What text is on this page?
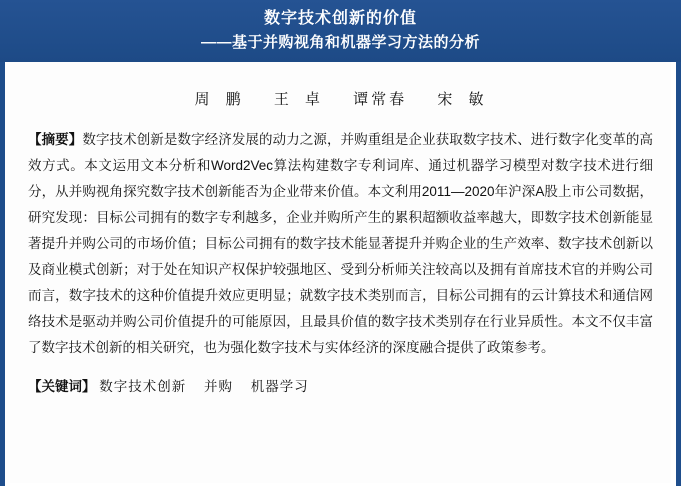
数字技术创新的价值
——基于并购视角和机器学习方法的分析
周 鹏 王 卓 谭常春 宋 敏
【摘要】数字技术创新是数字经济发展的动力之源，并购重组是企业获取数字技术、进行数字化变革的高效方式。本文运用文本分析和Word2Vec算法构建数字专利词库、通过机器学习模型对数字技术进行细分，从并购视角探究数字技术创新能否为企业带来价值。本文利用2011—2020年沪深A股上市公司数据，研究发现：目标公司拥有的数字专利越多，企业并购所产生的累积超额收益率越大，即数字技术创新能显著提升并购公司的市场价值；目标公司拥有的数字技术能显著提升并购企业的生产效率、数字技术创新以及商业模式创新；对于处在知识产权保护较强地区、受到分析师关注较高以及拥有首席技术官的并购公司而言，数字技术的这种价值提升效应更明显；就数字技术类别而言，目标公司拥有的云计算技术和通信网络技术是驱动并购公司价值提升的可能原因，且最具价值的数字技术类别存在行业异质性。本文不仅丰富了数字技术创新的相关研究，也为强化数字技术与实体经济的深度融合提供了政策参考。
【关键词】 数字技术创新 并购 机器学习
